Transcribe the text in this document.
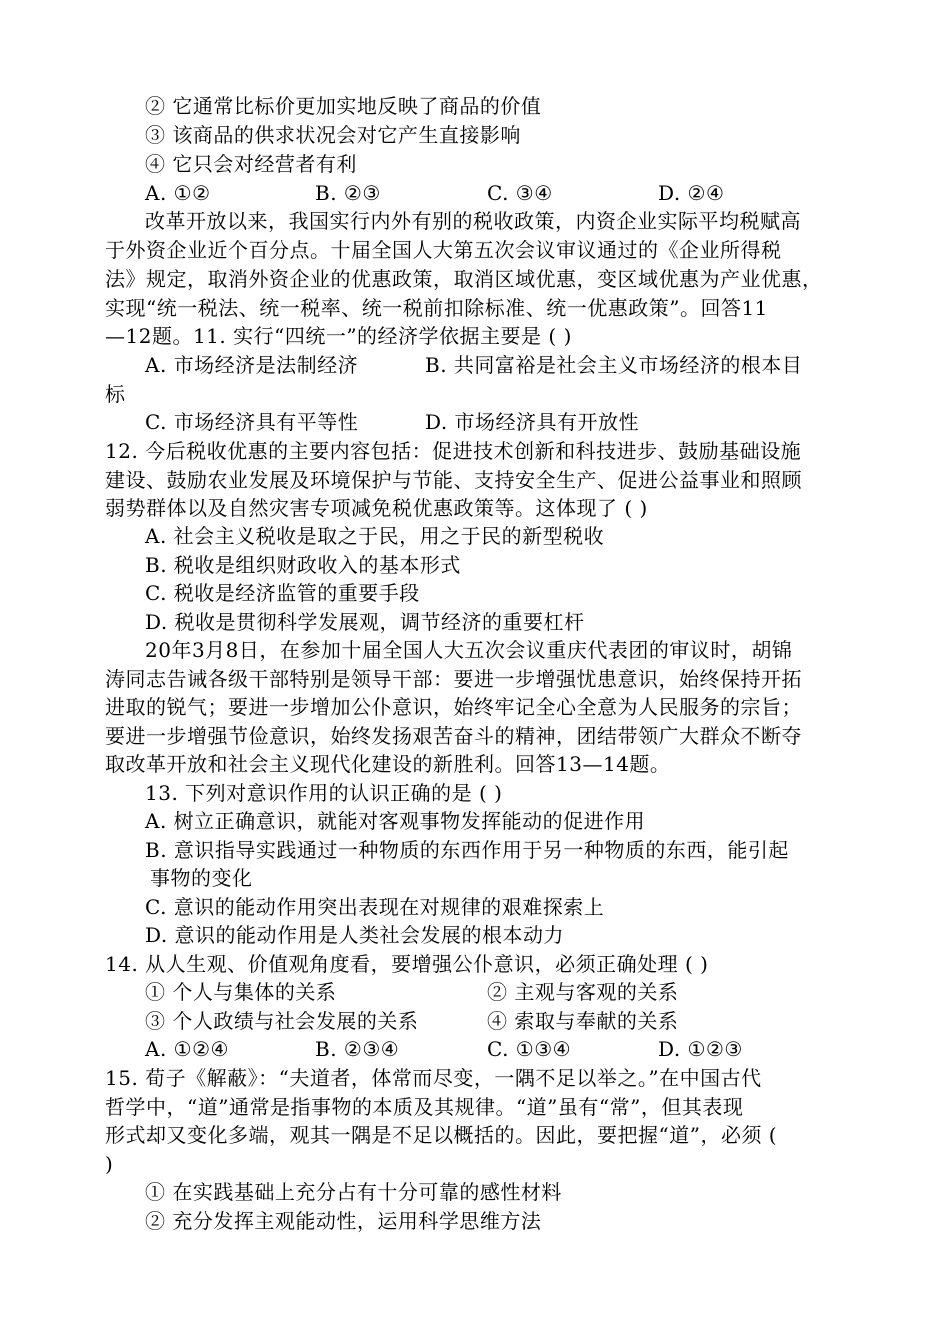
② 它通常比标价更加实地反映了商品的价值
③ 该商品的供求状况会对它产生直接影响
④ 它只会对经营者有利
A. ①②	B. ②③	C. ③④	D. ②④
改革开放以来，我国实行内外有别的税收政策，内资企业实际平均税赋高
于外资企业近个百分点。十届全国人大第五次会议审议通过的《企业所得税
法》规定，取消外资企业的优惠政策，取消区域优惠，变区域优惠为产业优惠，
实现“统一税法、统一税率、统一税前扣除标准、统一优惠政策”。回答11
—12题。11. 实行“四统一”的经济学依据主要是 ( )
A. 市场经济是法制经济	B. 共同富裕是社会主义市场经济的根本目
标
C. 市场经济具有平等性	D. 市场经济具有开放性
12. 今后税收优惠的主要内容包括：促进技术创新和科技进步、鼓励基础设施
建设、鼓励农业发展及环境保护与节能、支持安全生产、促进公益事业和照顾
弱势群体以及自然灾害专项减免税优惠政策等。这体现了 ( )
A. 社会主义税收是取之于民，用之于民的新型税收
B. 税收是组织财政收入的基本形式
C. 税收是经济监管的重要手段
D. 税收是贯彻科学发展观，调节经济的重要杠杆
20年3月8日，在参加十届全国人大五次会议重庆代表团的审议时，胡锦
涛同志告诫各级干部特别是领导干部：要进一步增强忧患意识，始终保持开拓
进取的锐气；要进一步增加公仆意识，始终牢记全心全意为人民服务的宗旨；
要进一步增强节俭意识，始终发扬艰苦奋斗的精神，团结带领广大群众不断夺
取改革开放和社会主义现代化建设的新胜利。回答13—14题。
13. 下列对意识作用的认识正确的是 ( )
A. 树立正确意识，就能对客观事物发挥能动的促进作用
B. 意识指导实践通过一种物质的东西作用于另一种物质的东西，能引起
事物的变化
C. 意识的能动作用突出表现在对规律的艰难探索上
D. 意识的能动作用是人类社会发展的根本动力
14. 从人生观、价值观角度看，要增强公仆意识，必须正确处理 ( )
① 个人与集体的关系	② 主观与客观的关系
③ 个人政绩与社会发展的关系	④ 索取与奉献的关系
A. ①②④	B. ②③④	C. ①③④	D. ①②③
15. 荀子《解蔽》：“夫道者，体常而尽变，一隅不足以举之。”在中国古代
哲学中，“道”通常是指事物的本质及其规律。“道”虽有“常”，但其表现
形式却又变化多端，观其一隅是不足以概括的。因此，要把握“道”，必须 (
)
① 在实践基础上充分占有十分可靠的感性材料
② 充分发挥主观能动性，运用科学思维方法
